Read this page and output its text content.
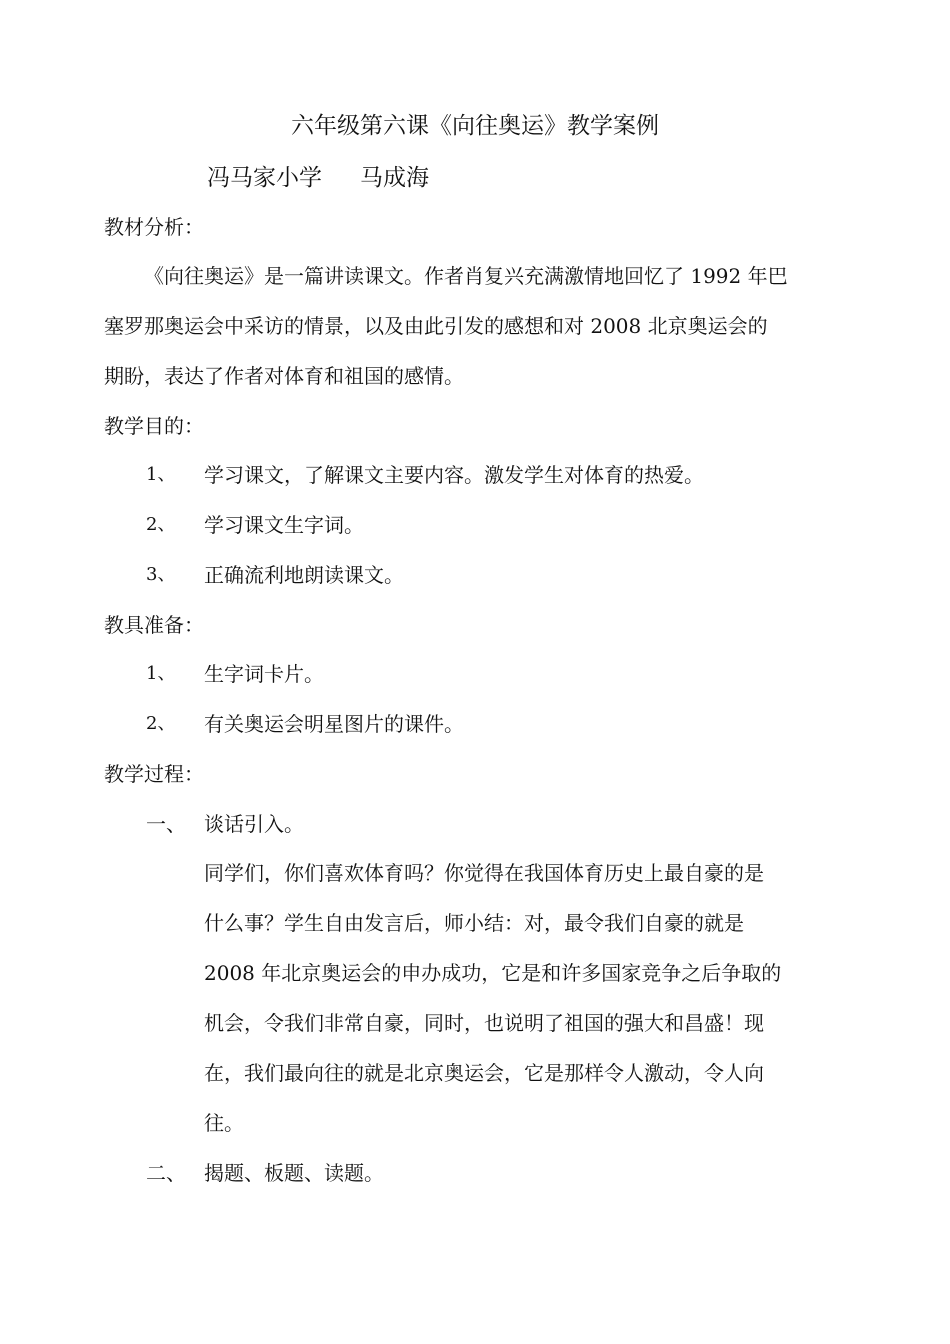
六年级第六课《向往奥运》教学案例
冯马家小学 马成海
教材分析：
《向往奥运》是一篇讲读课文。作者肖复兴充满激情地回忆了 1992 年巴
塞罗那奥运会中采访的情景，以及由此引发的感想和对 2008 北京奥运会的
期盼，表达了作者对体育和祖国的感情。
教学目的：
1、 学习课文，了解课文主要内容。激发学生对体育的热爱。
2、 学习课文生字词。
3、 正确流利地朗读课文。
教具准备：
1、 生字词卡片。
2、 有关奥运会明星图片的课件。
教学过程：
一、 谈话引入。
同学们，你们喜欢体育吗？你觉得在我国体育历史上最自豪的是
什么事？学生自由发言后，师小结：对，最令我们自豪的就是
2008 年北京奥运会的申办成功，它是和许多国家竞争之后争取的
机会，令我们非常自豪，同时，也说明了祖国的强大和昌盛！现
在，我们最向往的就是北京奥运会，它是那样令人激动，令人向
往。
二、 揭题、板题、读题。
